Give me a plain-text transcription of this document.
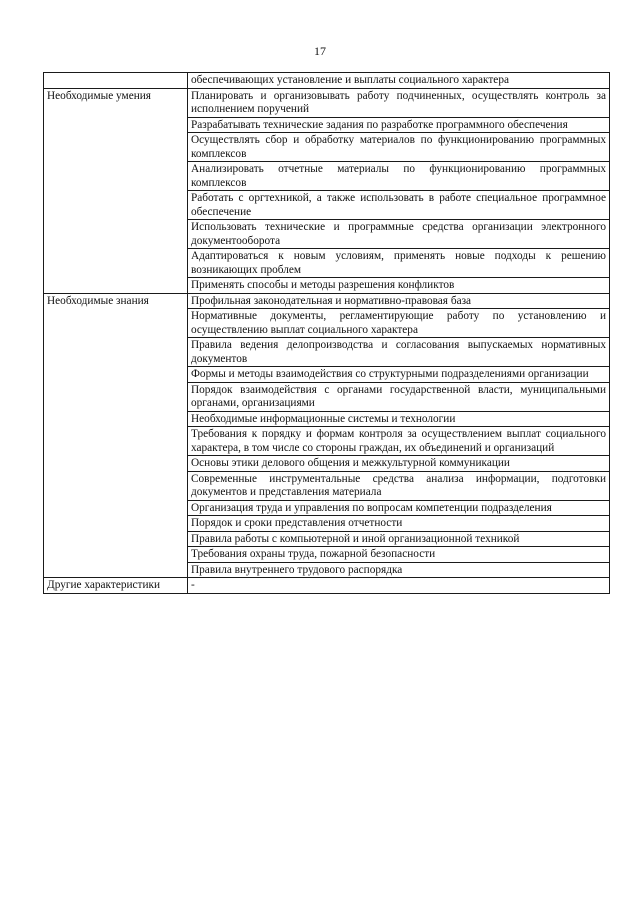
17
	обеспечивающих установление и выплаты социального характера
Необходимые умения	Планировать и организовывать работу подчиненных, осуществлять контроль за исполнением поручений
	Разрабатывать технические задания по разработке программного обеспечения
	Осуществлять сбор и обработку материалов по функционированию программных комплексов
	Анализировать отчетные материалы по функционированию программных комплексов
	Работать с оргтехникой, а также использовать в работе специальное программное обеспечение
	Использовать технические и программные средства организации электронного документооборота
	Адаптироваться к новым условиям, применять новые подходы к решению возникающих проблем
	Применять способы и методы разрешения конфликтов
Необходимые знания	Профильная законодательная и нормативно-правовая база
	Нормативные документы, регламентирующие работу по установлению и осуществлению выплат социального характера
	Правила ведения делопроизводства и согласования выпускаемых нормативных документов
	Формы и методы взаимодействия со структурными подразделениями организации
	Порядок взаимодействия с органами государственной власти, муниципальными органами, организациями
	Необходимые информационные системы и технологии
	Требования к порядку и формам контроля за осуществлением выплат социального характера, в том числе со стороны граждан, их объединений и организаций
	Основы этики делового общения и межкультурной коммуникации
	Современные инструментальные средства анализа информации, подготовки документов и представления материала
	Организация труда и управления по вопросам компетенции подразделения
	Порядок и сроки представления отчетности
	Правила работы с компьютерной и иной организационной техникой
	Требования охраны труда, пожарной безопасности
	Правила внутреннего трудового распорядка
Другие характеристики	-
